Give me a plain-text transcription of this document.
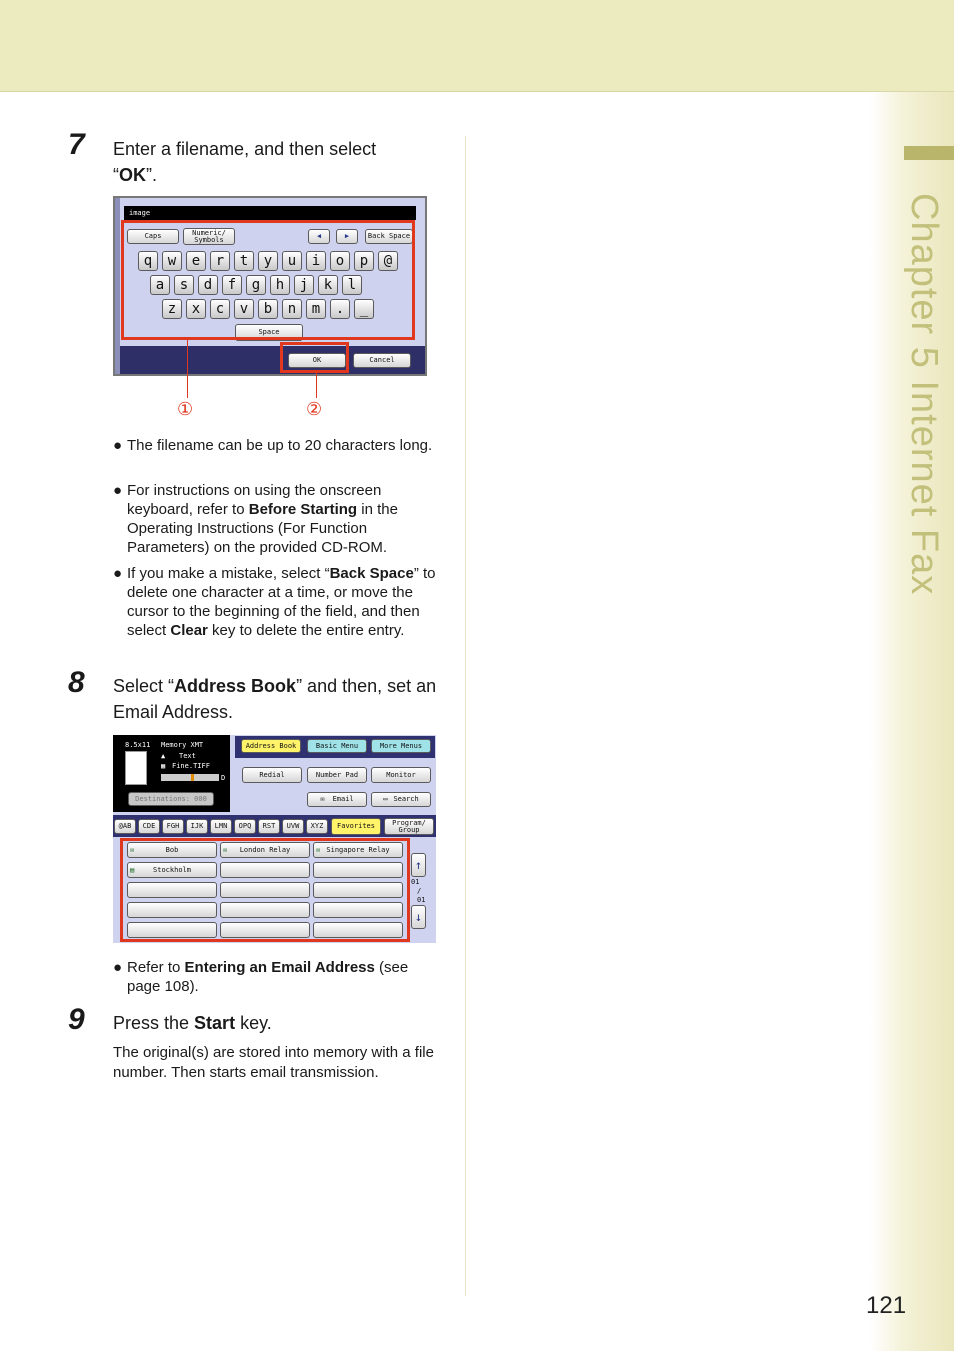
Chapter 5 Internet Fax
7 Enter a filename, and then select
“OK”.
image
Caps	Numeric/
Symbols	◀	▶	Back Space
q	w	e	r	t	y	u	i	o	p	@
a	s	d	f	g	h	j	k	l
z	x	c	v	b	n	m	.	_
Space
OK	Cancel
①	②
● The filename can be up to 20 characters long.
● For instructions on using the onscreen keyboard, refer to Before Starting in the Operating Instructions (For Function Parameters) on the provided CD-ROM.
● If you make a mistake, select “Back Space” to delete one character at a time, or move the cursor to the beginning of the field, and then select Clear key to delete the entire entry.
8 Select “Address Book” and then, set an Email Address.
8.5x11 Memory XMT
▲ Text
▦ Fine.TIFF
D
Destinations: 000
Address Book	Basic Menu	More Menus
Redial	Number Pad	Monitor
✉ Email	▭ Search
@AB	CDE	FGH	IJK	LMN	OPQ	RST	UVW	XYZ	Favorites	Program/
Group
✉	Bob	✉ London Relay	✉ Singapore Relay
▤	Stockholm	↑
01
/
01
↓
● Refer to Entering an Email Address (see page 108).
9 Press the Start key.
The original(s) are stored into memory with a file number. Then starts email transmission.
121
